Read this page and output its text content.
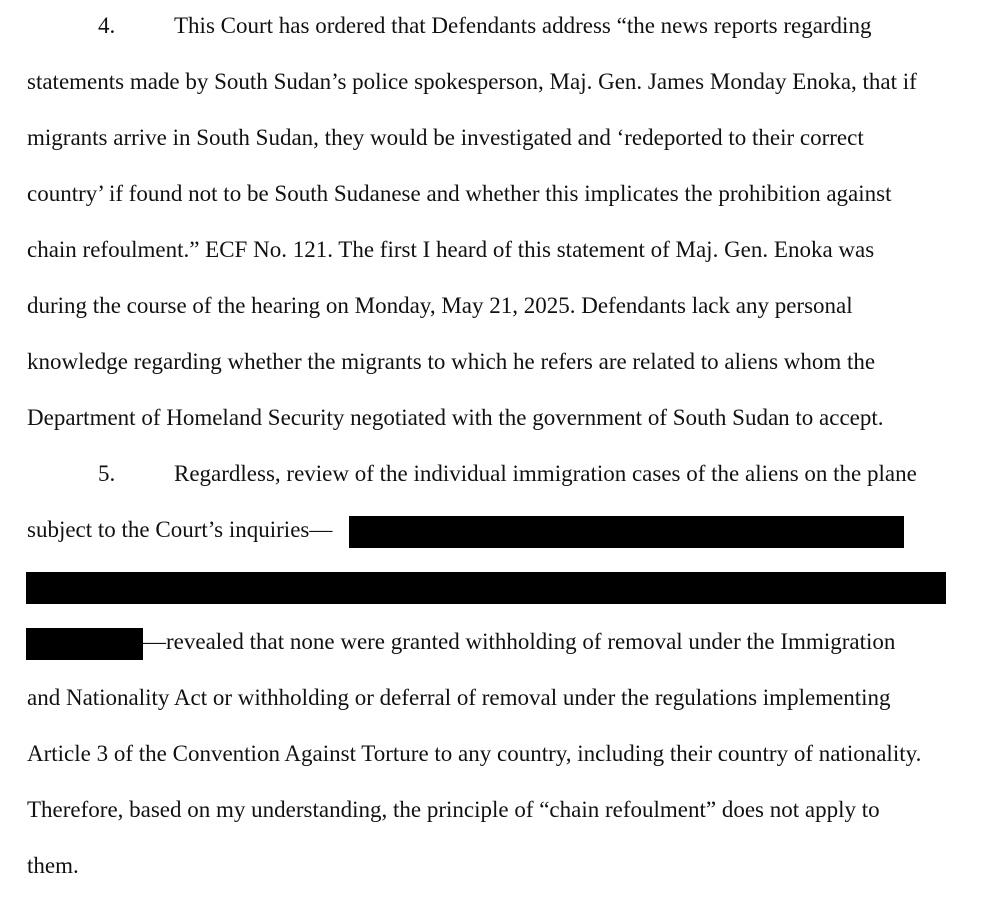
4.	This Court has ordered that Defendants address “the news reports regarding
statements made by South Sudan’s police spokesperson, Maj. Gen. James Monday Enoka, that if
migrants arrive in South Sudan, they would be investigated and ‘redeported to their correct
country’ if found not to be South Sudanese and whether this implicates the prohibition against
chain refoulment.” ECF No. 121. The first I heard of this statement of Maj. Gen. Enoka was
during the course of the hearing on Monday, May 21, 2025. Defendants lack any personal
knowledge regarding whether the migrants to which he refers are related to aliens whom the
Department of Homeland Security negotiated with the government of South Sudan to accept.
5.	Regardless, review of the individual immigration cases of the aliens on the plane
subject to the Court’s inquiries—
—revealed that none were granted withholding of removal under the Immigration
and Nationality Act or withholding or deferral of removal under the regulations implementing
Article 3 of the Convention Against Torture to any country, including their country of nationality.
Therefore, based on my understanding, the principle of “chain refoulment” does not apply to
them.
